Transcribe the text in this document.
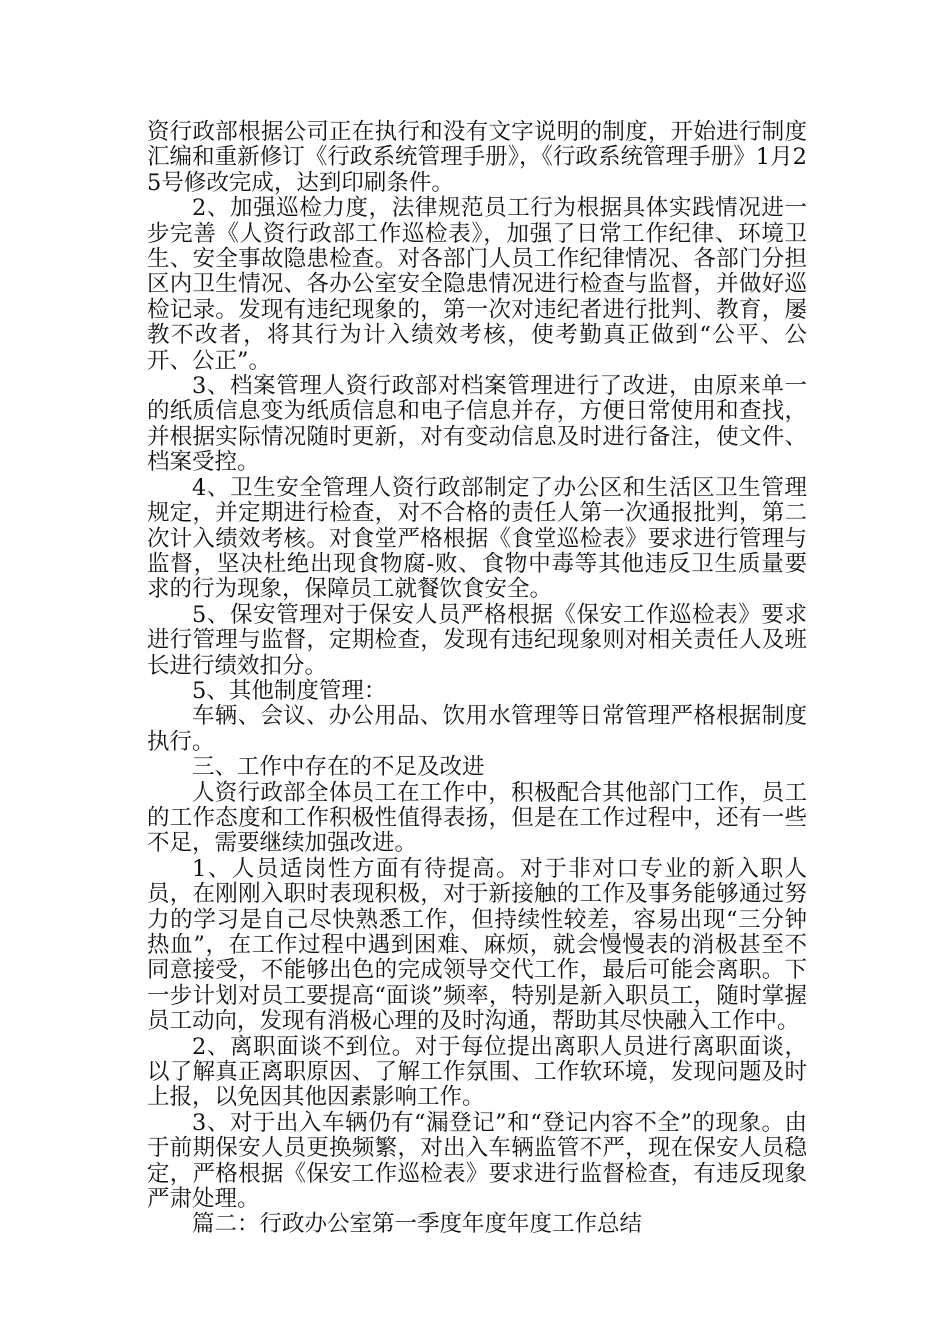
资行政部根据公司正在执行和没有文字说明的制度，开始进行制度汇编和重新修订《行政系统管理手册》，《行政系统管理手册》1月25号修改完成，达到印刷条件。

2、加强巡检力度，法律规范员工行为根据具体实践情况进一步完善《人资行政部工作巡检表》，加强了日常工作纪律、环境卫生、安全事故隐患检查。对各部门人员工作纪律情况、各部门分担区内卫生情况、各办公室安全隐患情况进行检查与监督，并做好巡检记录。发现有违纪现象的，第一次对违纪者进行批判、教育，屡教不改者，将其行为计入绩效考核，使考勤真正做到“公平、公开、公正”。

3、档案管理人资行政部对档案管理进行了改进，由原来单一的纸质信息变为纸质信息和电子信息并存，方便日常使用和查找，并根据实际情况随时更新，对有变动信息及时进行备注，使文件、档案受控。

4、卫生安全管理人资行政部制定了办公区和生活区卫生管理规定，并定期进行检查，对不合格的责任人第一次通报批判，第二次计入绩效考核。对食堂严格根据《食堂巡检表》要求进行管理与监督，坚决杜绝出现食物腐-败、食物中毒等其他违反卫生质量要求的行为现象，保障员工就餐饮食安全。

5、保安管理对于保安人员严格根据《保安工作巡检表》要求进行管理与监督，定期检查，发现有违纪现象则对相关责任人及班长进行绩效扣分。

5、其他制度管理：

车辆、会议、办公用品、饮用水管理等日常管理严格根据制度执行。

三、工作中存在的不足及改进

人资行政部全体员工在工作中，积极配合其他部门工作，员工的工作态度和工作积极性值得表扬，但是在工作过程中，还有一些不足，需要继续加强改进。

1、人员适岗性方面有待提高。对于非对口专业的新入职人员，在刚刚入职时表现积极，对于新接触的工作及事务能够通过努力的学习是自己尽快熟悉工作，但持续性较差，容易出现“三分钟热血”，在工作过程中遇到困难、麻烦，就会慢慢表的消极甚至不同意接受，不能够出色的完成领导交代工作，最后可能会离职。下一步计划对员工要提高“面谈”频率，特别是新入职员工，随时掌握员工动向，发现有消极心理的及时沟通，帮助其尽快融入工作中。

2、离职面谈不到位。对于每位提出离职人员进行离职面谈，以了解真正离职原因、了解工作氛围、工作软环境，发现问题及时上报，以免因其他因素影响工作。

3、对于出入车辆仍有“漏登记”和“登记内容不全”的现象。由于前期保安人员更换频繁，对出入车辆监管不严，现在保安人员稳定，严格根据《保安工作巡检表》要求进行监督检查，有违反现象严肃处理。

篇二：行政办公室第一季度年度年度工作总结
